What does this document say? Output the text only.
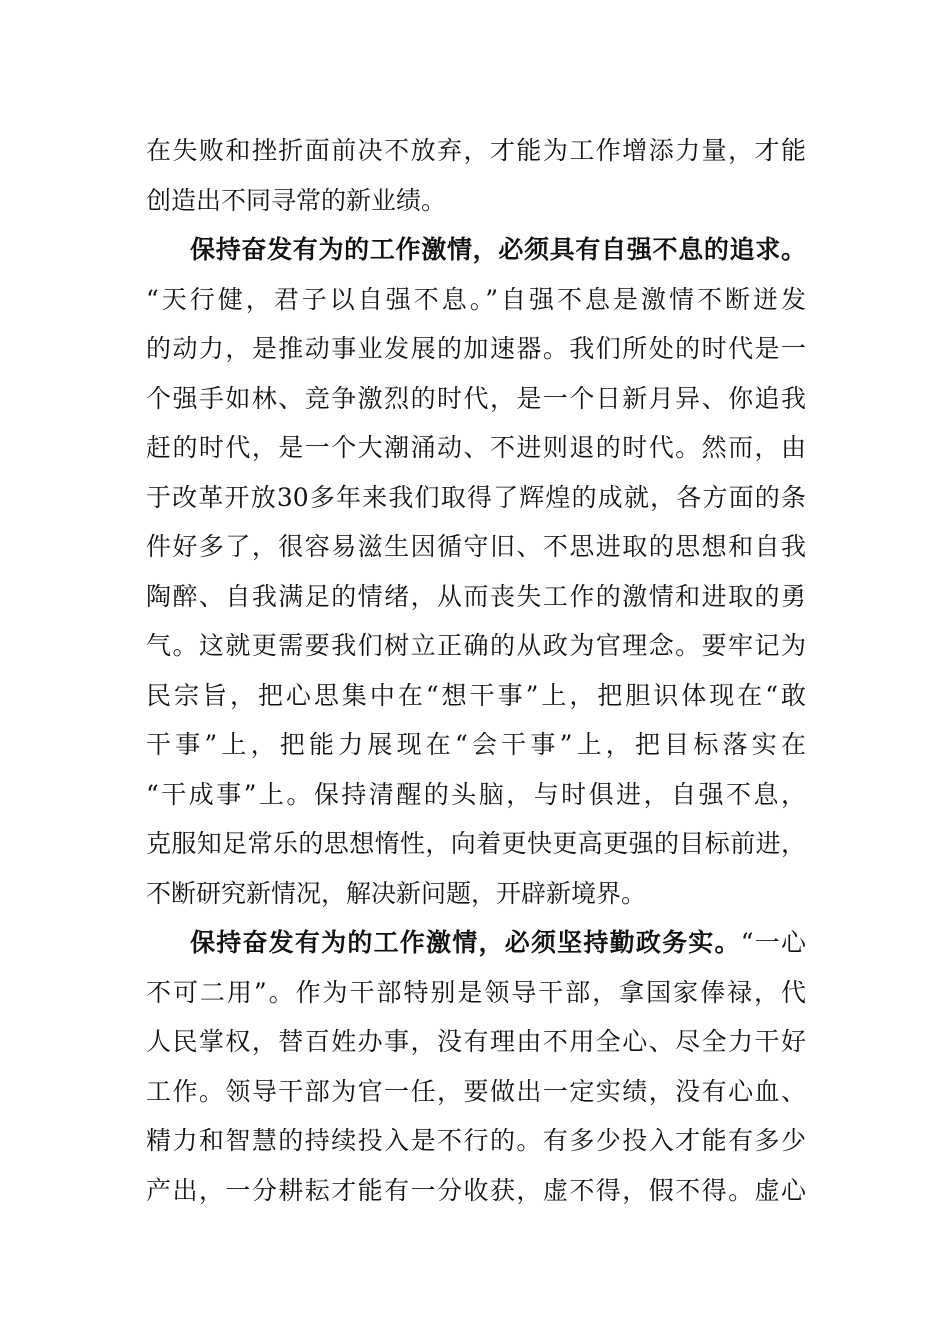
在失败和挫折面前决不放弃，才能为工作增添力量，才能
创造出不同寻常的新业绩。
保持奋发有为的工作激情，必须具有自强不息的追求。
“天行健，君子以自强不息。”自强不息是激情不断迸发
的动力，是推动事业发展的加速器。我们所处的时代是一
个强手如林、竞争激烈的时代，是一个日新月异、你追我
赶的时代，是一个大潮涌动、不进则退的时代。然而，由
于改革开放30多年来我们取得了辉煌的成就，各方面的条
件好多了，很容易滋生因循守旧、不思进取的思想和自我
陶醉、自我满足的情绪，从而丧失工作的激情和进取的勇
气。这就更需要我们树立正确的从政为官理念。要牢记为
民宗旨，把心思集中在“想干事”上，把胆识体现在“敢
干事”上，把能力展现在“会干事”上，把目标落实在
“干成事”上。保持清醒的头脑，与时俱进，自强不息，
克服知足常乐的思想惰性，向着更快更高更强的目标前进，
不断研究新情况，解决新问题，开辟新境界。
保持奋发有为的工作激情，必须坚持勤政务实。“一心
不可二用”。作为干部特别是领导干部，拿国家俸禄，代
人民掌权，替百姓办事，没有理由不用全心、尽全力干好
工作。领导干部为官一任，要做出一定实绩，没有心血、
精力和智慧的持续投入是不行的。有多少投入才能有多少
产出，一分耕耘才能有一分收获，虚不得，假不得。虚心
